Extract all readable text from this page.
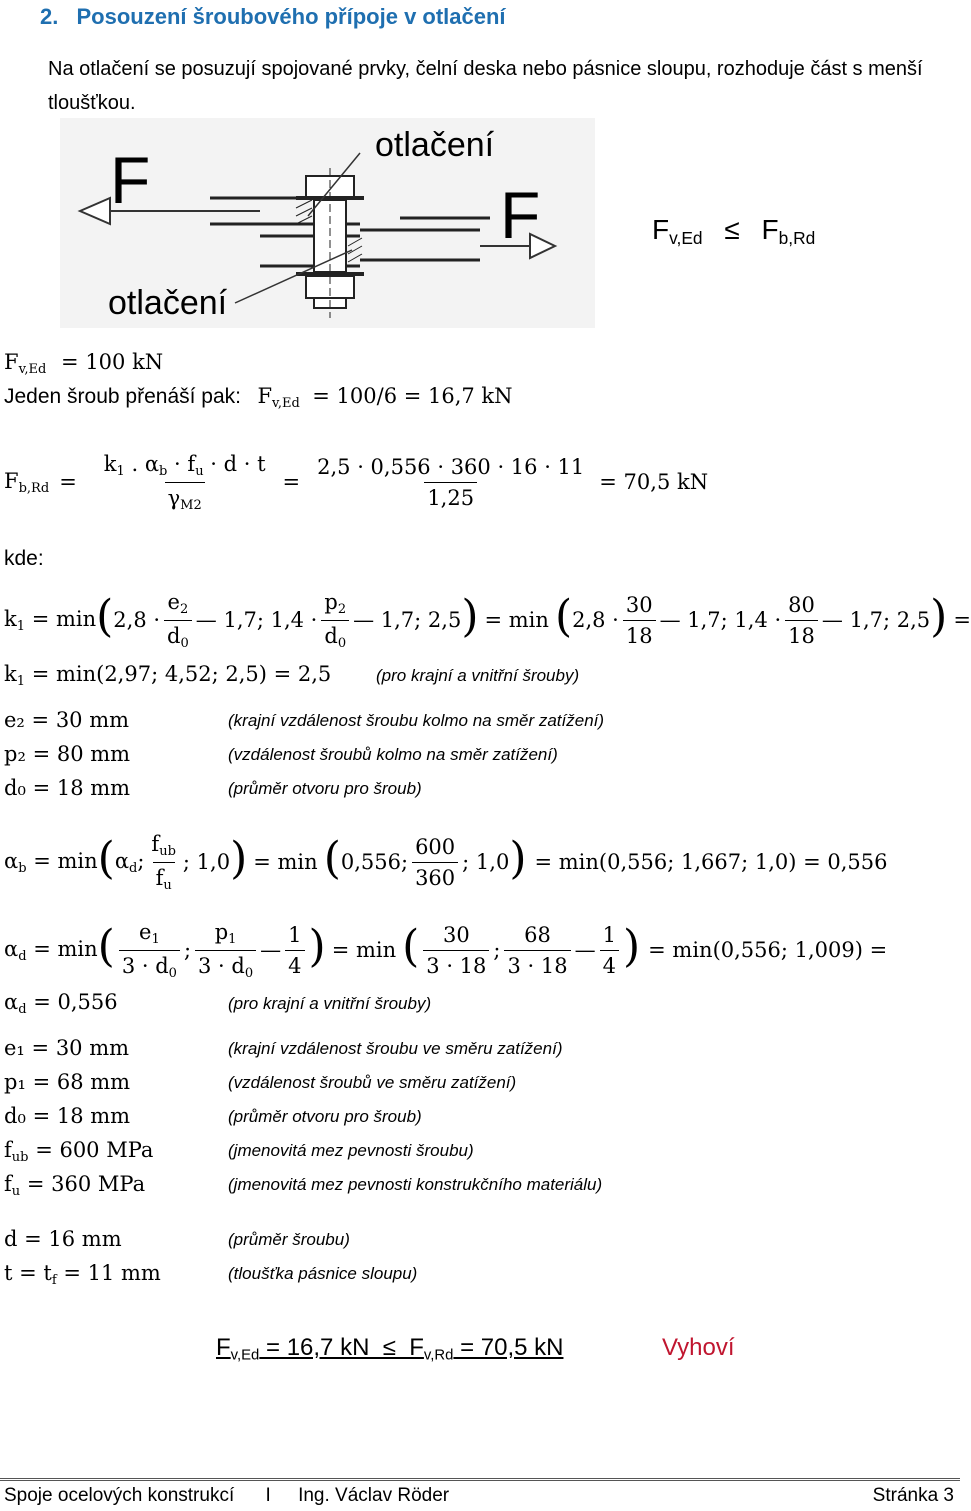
2. Posouzení šroubového přípoje v otlačení
Na otlačení se posuzují spojované prvky, čelní deska nebo pásnice sloupu, rozhoduje část s menší tloušťkou.
F	F
otlačení
otlačení
$F_{v,Ed} \le F_{b,Rd}$
$F_{v,Ed} = 100$ kN
Jeden šroub přenáší pak: $F_{v,Ed} = 100/6 = 16,7$ kN
$F_{b,Rd} = \frac{k_1 . \alpha_b \cdot f_u \cdot d \cdot t}{\gamma_{M2}} = \frac{2,5 \cdot 0,556 \cdot 360 \cdot 16 \cdot 11}{1,25} = 70,5$ kN
kde:
$k_1 = \min$ ( $2,8 \cdot \frac{e_2}{d_0}$ — 1,7; $1,4 \cdot \frac{p_2}{d_0}$ — 1,7; 2,5 ) = min ( $2,8 \cdot \frac{30}{18}$ — 1,7; $1,4 \cdot \frac{80}{18}$ — 1,7; 2,5 ) =
$k_1 = \min(2,97$; 4,52; 2,5) = 2,5	(pro krajní a vnitřní šrouby)
e₂ = 30 mm	(krajní vzdálenost šroubu kolmo na směr zatížení)
p₂ = 80 mm	(vzdálenost šroubů kolmo na směr zatížení)
d₀ = 18 mm	(průměr otvoru pro šroub)
$\alpha_b = \min$ ( $\alpha_d$; $\frac{f_{ub}}{f_u}$ ; 1,0 ) = min ( 0,556; $\frac{600}{360}$ ; 1,0 ) = min(0,556; 1,667; 1,0) = 0,556
$\alpha_d = \min$ ( $\frac{e_1}{3 \cdot d_0}$ ; $\frac{p_1}{3 \cdot d_0}$ — $\frac{1}{4}$ ) = min ( $\frac{30}{3 \cdot 18}$ ; $\frac{68}{3 \cdot 18}$ — $\frac{1}{4}$ ) = min(0,556; 1,009) =
$\alpha_d = 0,556$	(pro krajní a vnitřní šrouby)
e₁ = 30 mm	(krajní vzdálenost šroubu ve směru zatížení)
p₁ = 68 mm	(vzdálenost šroubů ve směru zatížení)
d₀ = 18 mm	(průměr otvoru pro šroub)
$f_{ub} = 600$ MPa	(jmenovitá mez pevnosti šroubu)
$f_u = 360$ MPa	(jmenovitá mez pevnosti konstrukčního materiálu)
d = 16 mm	(průměr šroubu)
$t = t_f = 11$ mm	(tloušťka pásnice sloupu)
$F_{v,Ed} = 16,7$ kN  ≤  $F_{v,Rd} = 70,5$ kN	Vyhoví
Spoje ocelových konstrukcí I Ing. Václav Röder	Stránka 3
